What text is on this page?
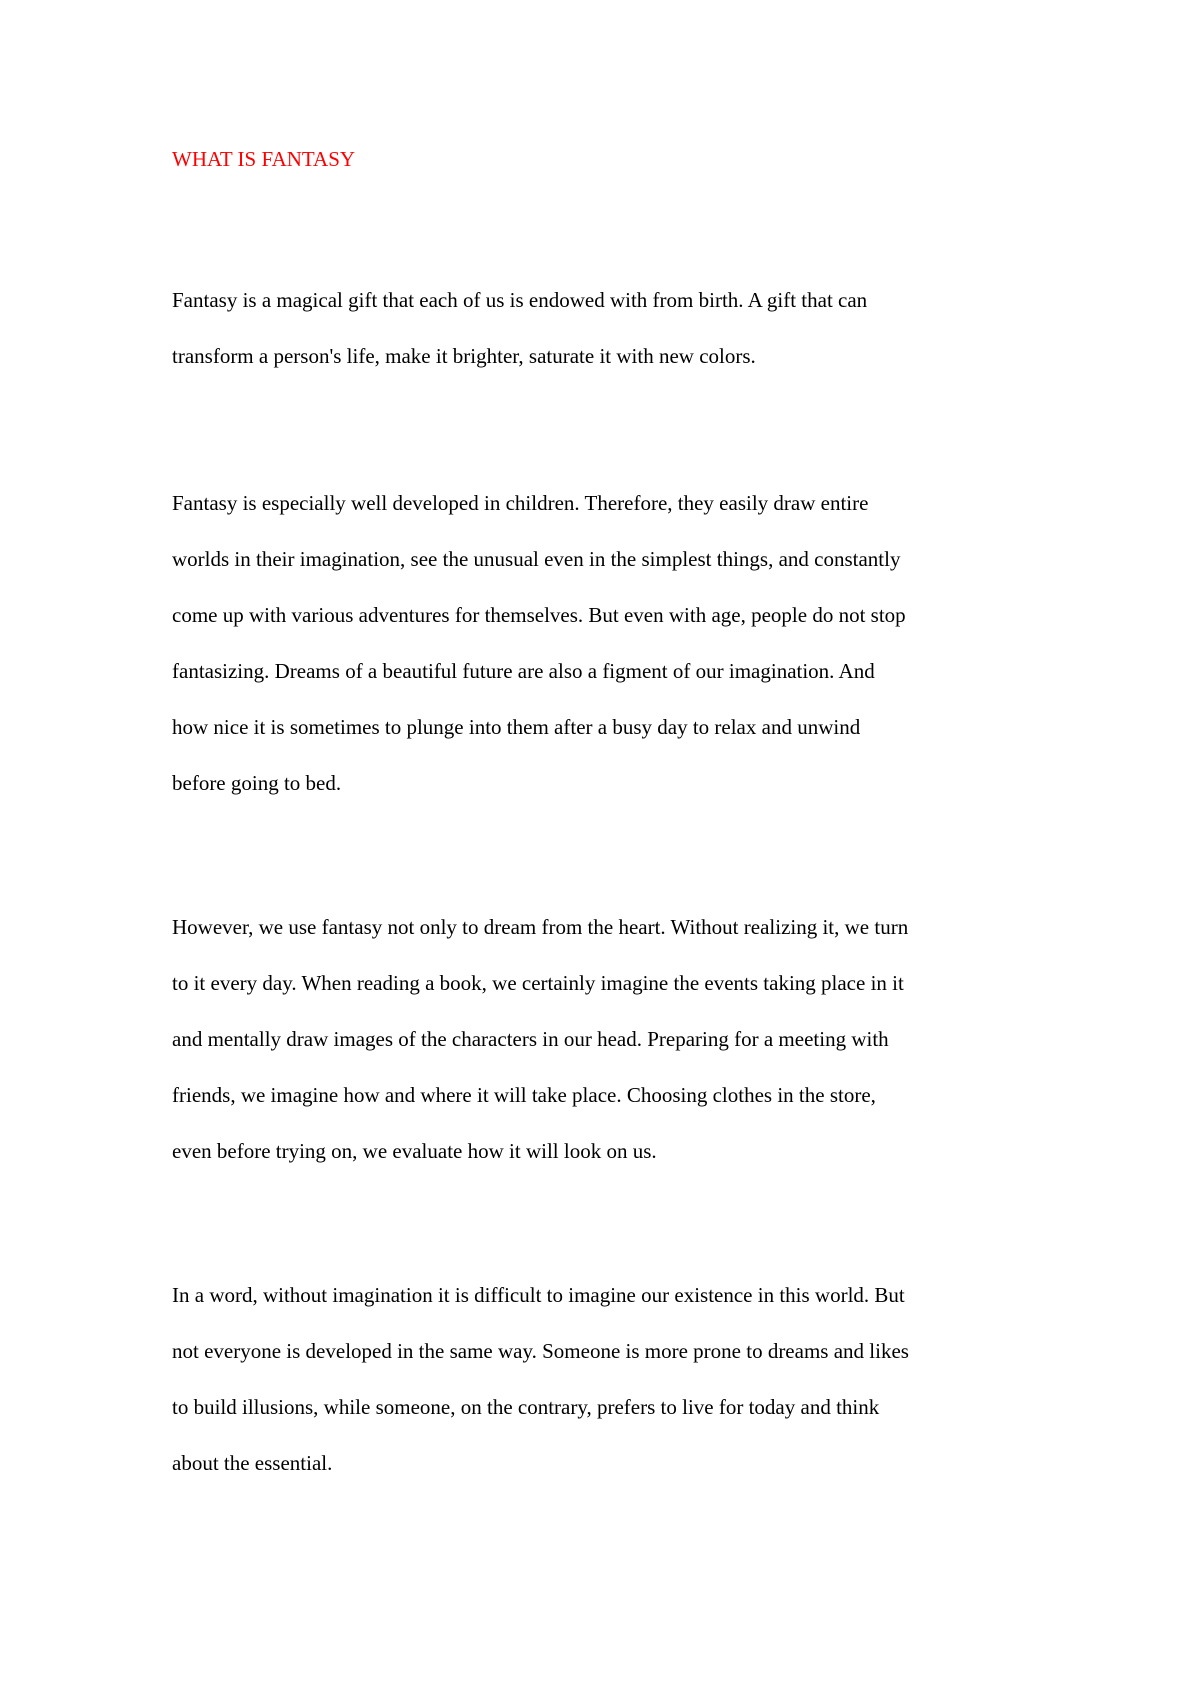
WHAT IS FANTASY
Fantasy is a magical gift that each of us is endowed with from birth. A gift that can
transform a person's life, make it brighter, saturate it with new colors.
Fantasy is especially well developed in children. Therefore, they easily draw entire
worlds in their imagination, see the unusual even in the simplest things, and constantly
come up with various adventures for themselves. But even with age, people do not stop
fantasizing. Dreams of a beautiful future are also a figment of our imagination. And
how nice it is sometimes to plunge into them after a busy day to relax and unwind
before going to bed.
However, we use fantasy not only to dream from the heart. Without realizing it, we turn
to it every day. When reading a book, we certainly imagine the events taking place in it
and mentally draw images of the characters in our head. Preparing for a meeting with
friends, we imagine how and where it will take place. Choosing clothes in the store,
even before trying on, we evaluate how it will look on us.
In a word, without imagination it is difficult to imagine our existence in this world. But
not everyone is developed in the same way. Someone is more prone to dreams and likes
to build illusions, while someone, on the contrary, prefers to live for today and think
about the essential.
